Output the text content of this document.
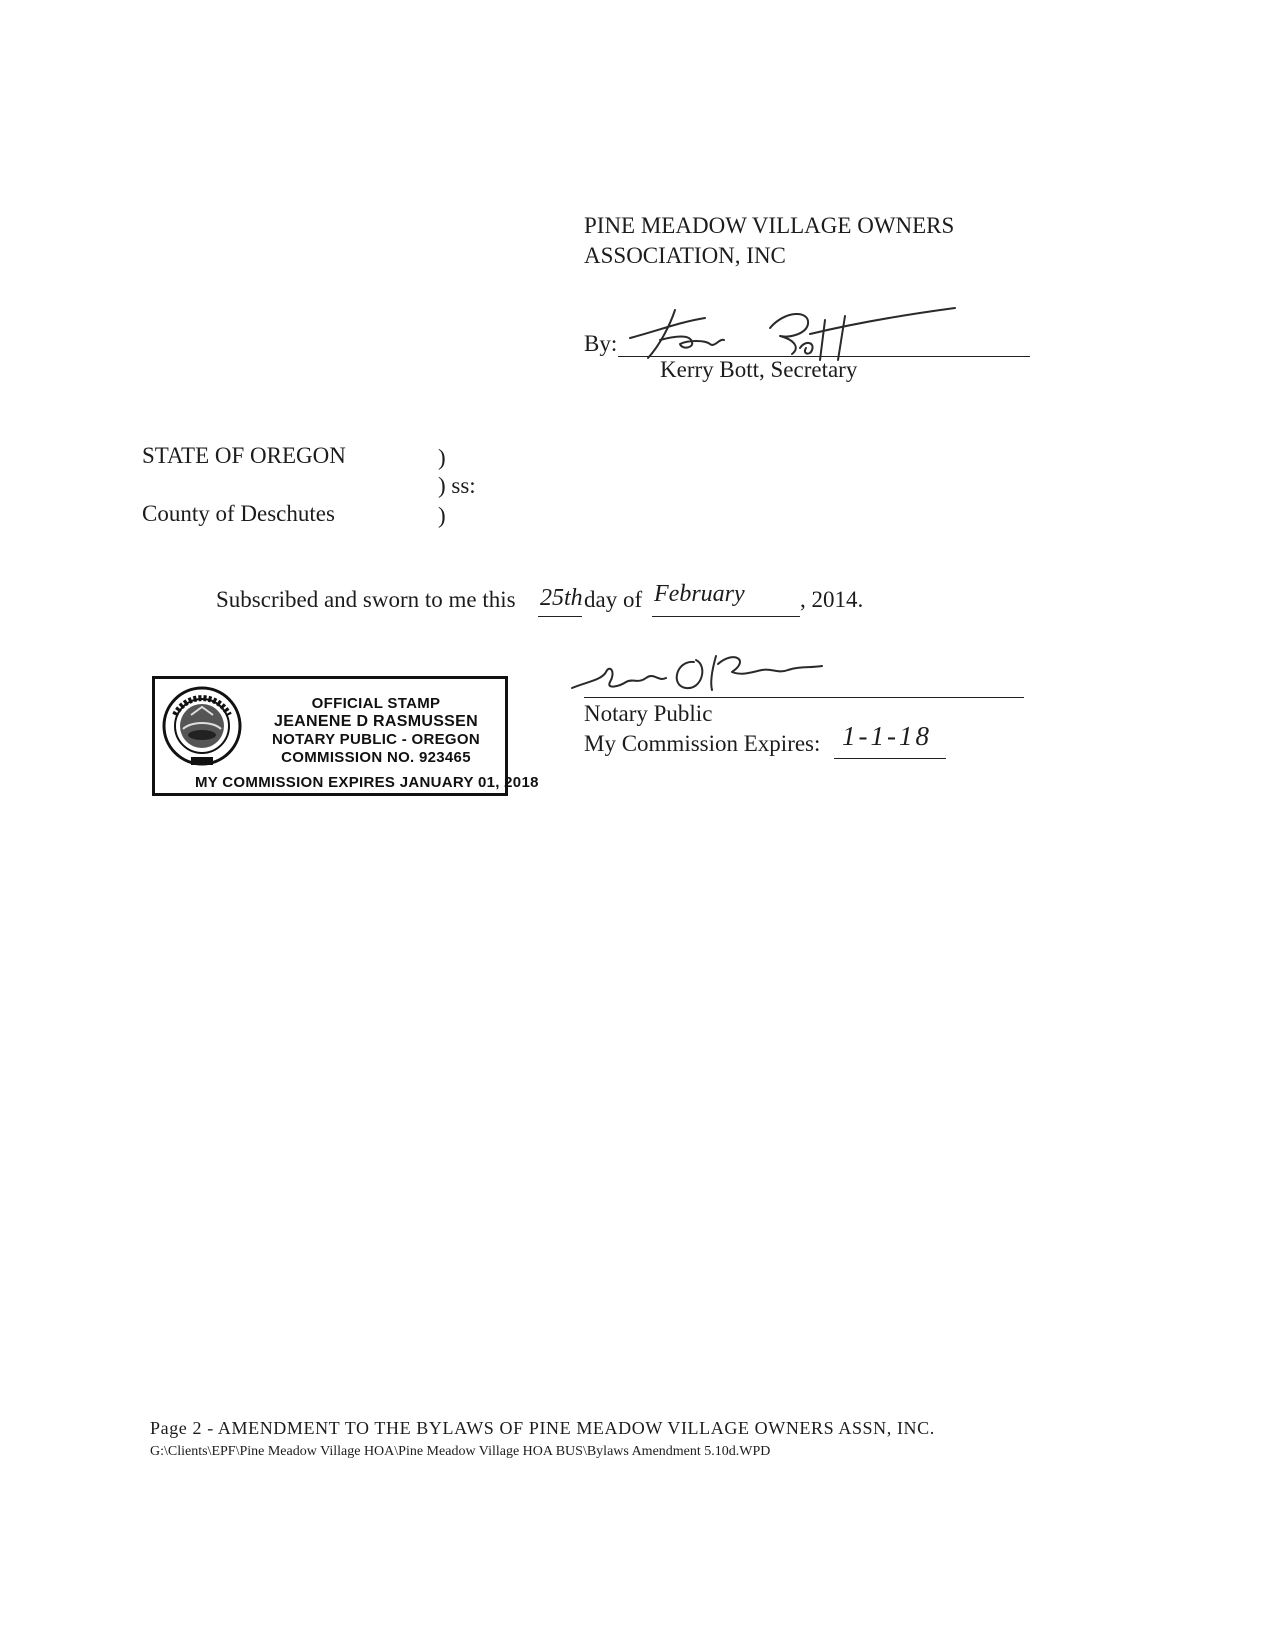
PINE MEADOW VILLAGE OWNERS
ASSOCIATION, INC
By:
Kerry Bott, Secretary
STATE OF OREGON
County of Deschutes
)
) ss:
)
Subscribed and sworn to me this 25th day of February , 2014.
Notary Public
My Commission Expires: 1-1-18
OFFICIAL STAMP
JEANENE D RASMUSSEN
NOTARY PUBLIC - OREGON
COMMISSION NO. 923465
MY COMMISSION EXPIRES JANUARY 01, 2018
Page 2 - AMENDMENT TO THE BYLAWS OF PINE MEADOW VILLAGE OWNERS ASSN, INC.
G:\Clients\EPF\Pine Meadow Village HOA\Pine Meadow Village HOA BUS\Bylaws Amendment 5.10d.WPD
